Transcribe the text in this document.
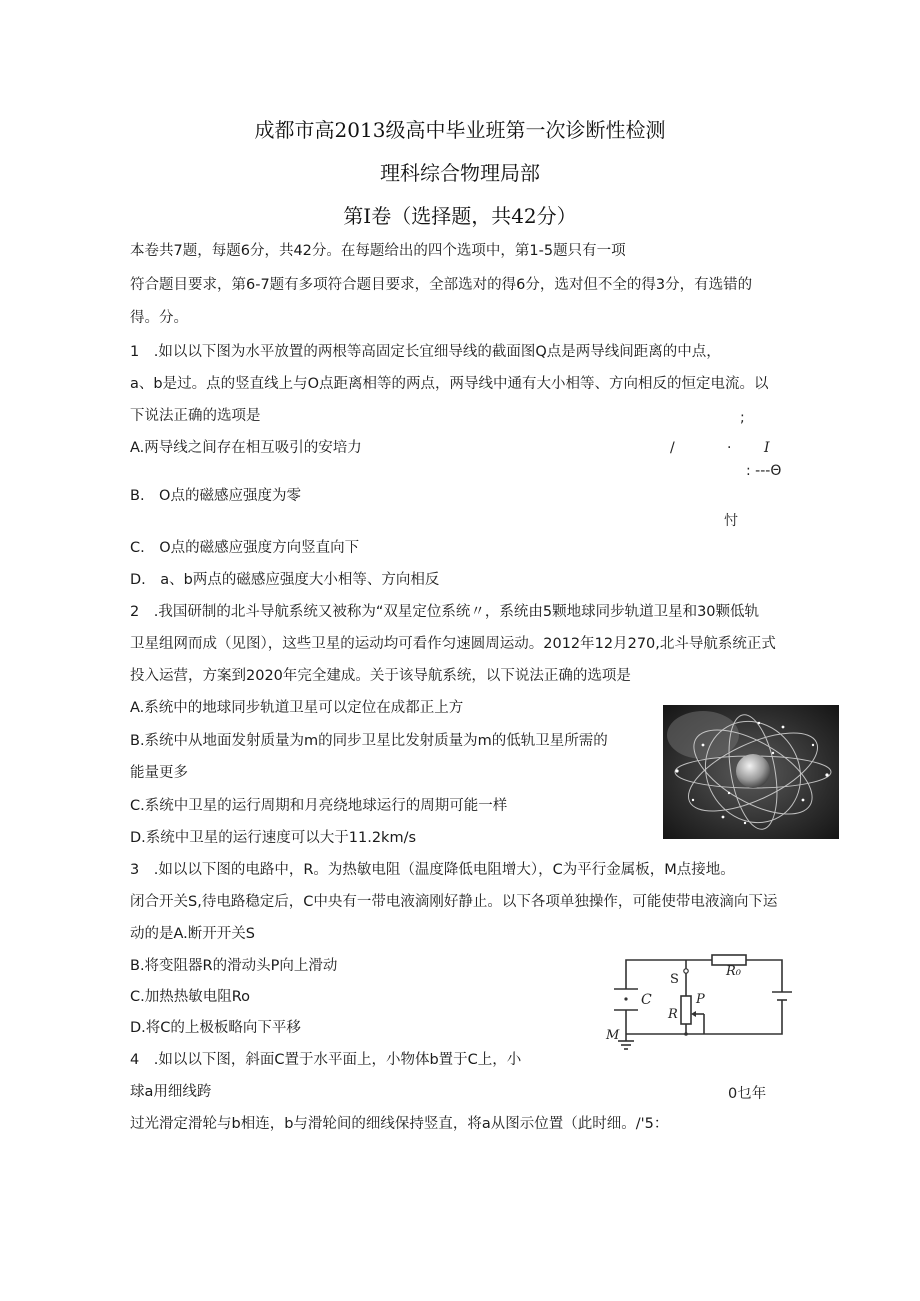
成都市高2013级高中毕业班第一次诊断性检测
理科综合物理局部
第Ⅰ卷（选择题，共42分）
本卷共7题，每题6分，共42分。在每题给出的四个选项中，第1-5题只有一项
符合题目要求，第6-7题有多项符合题目要求，全部选对的得6分，选对但不全的得3分，有选错的
得。分。
1　.如以以下图为水平放置的两根等高固定长宜细导线的截面图Q点是两导线间距离的中点，
a、b是过。点的竖直线上与O点距离相等的两点，两导线中通有大小相等、方向相反的恒定电流。以
下说法正确的选项是
A.两导线之间存在相互吸引的安培力
B.　O点的磁感应强度为零
C.　O点的磁感应强度方向竖直向下
D.　a、b两点的磁感应强度大小相等、方向相反
;
/	· I
: ---Θ
忖
2　.我国研制的北斗导航系统又被称为“双星定位系统〃，系统由5颗地球同步轨道卫星和30颗低轨
卫星组网而成（见图），这些卫星的运动均可看作匀速圆周运动。2012年12月270,北斗导航系统正式
投入运营，方案到2020年完全建成。关于该导航系统，以下说法正确的选项是
A.系统中的地球同步轨道卫星可以定位在成都正上方
B.系统中从地面发射质量为m的同步卫星比发射质量为m的低轨卫星所需的
能量更多
C.系统中卫星的运行周期和月亮绕地球运行的周期可能一样
D.系统中卫星的运行速度可以大于11.2km/s
3　.如以以下图的电路中，R。为热敏电阻（温度降低电阻增大），C为平行金属板，M点接地。
闭合开关S,待电路稳定后，C中央有一带电液滴刚好静止。以下各项单独操作，可能使带电液滴向下运
动的是A.断开开关S
B.将变阻器R的滑动头P向上滑动
C.加热热敏电阻Ro
D.将C的上极板略向下平移
R₀
C
S
R
P
M
4　.如以以下图，斜面C置于水平面上，小物体b置于C上，小
球a用细线跨	0乜年
过光滑定滑轮与b相连，b与滑轮间的细线保持竖直，将a从图示位置（此时细。/'5：
